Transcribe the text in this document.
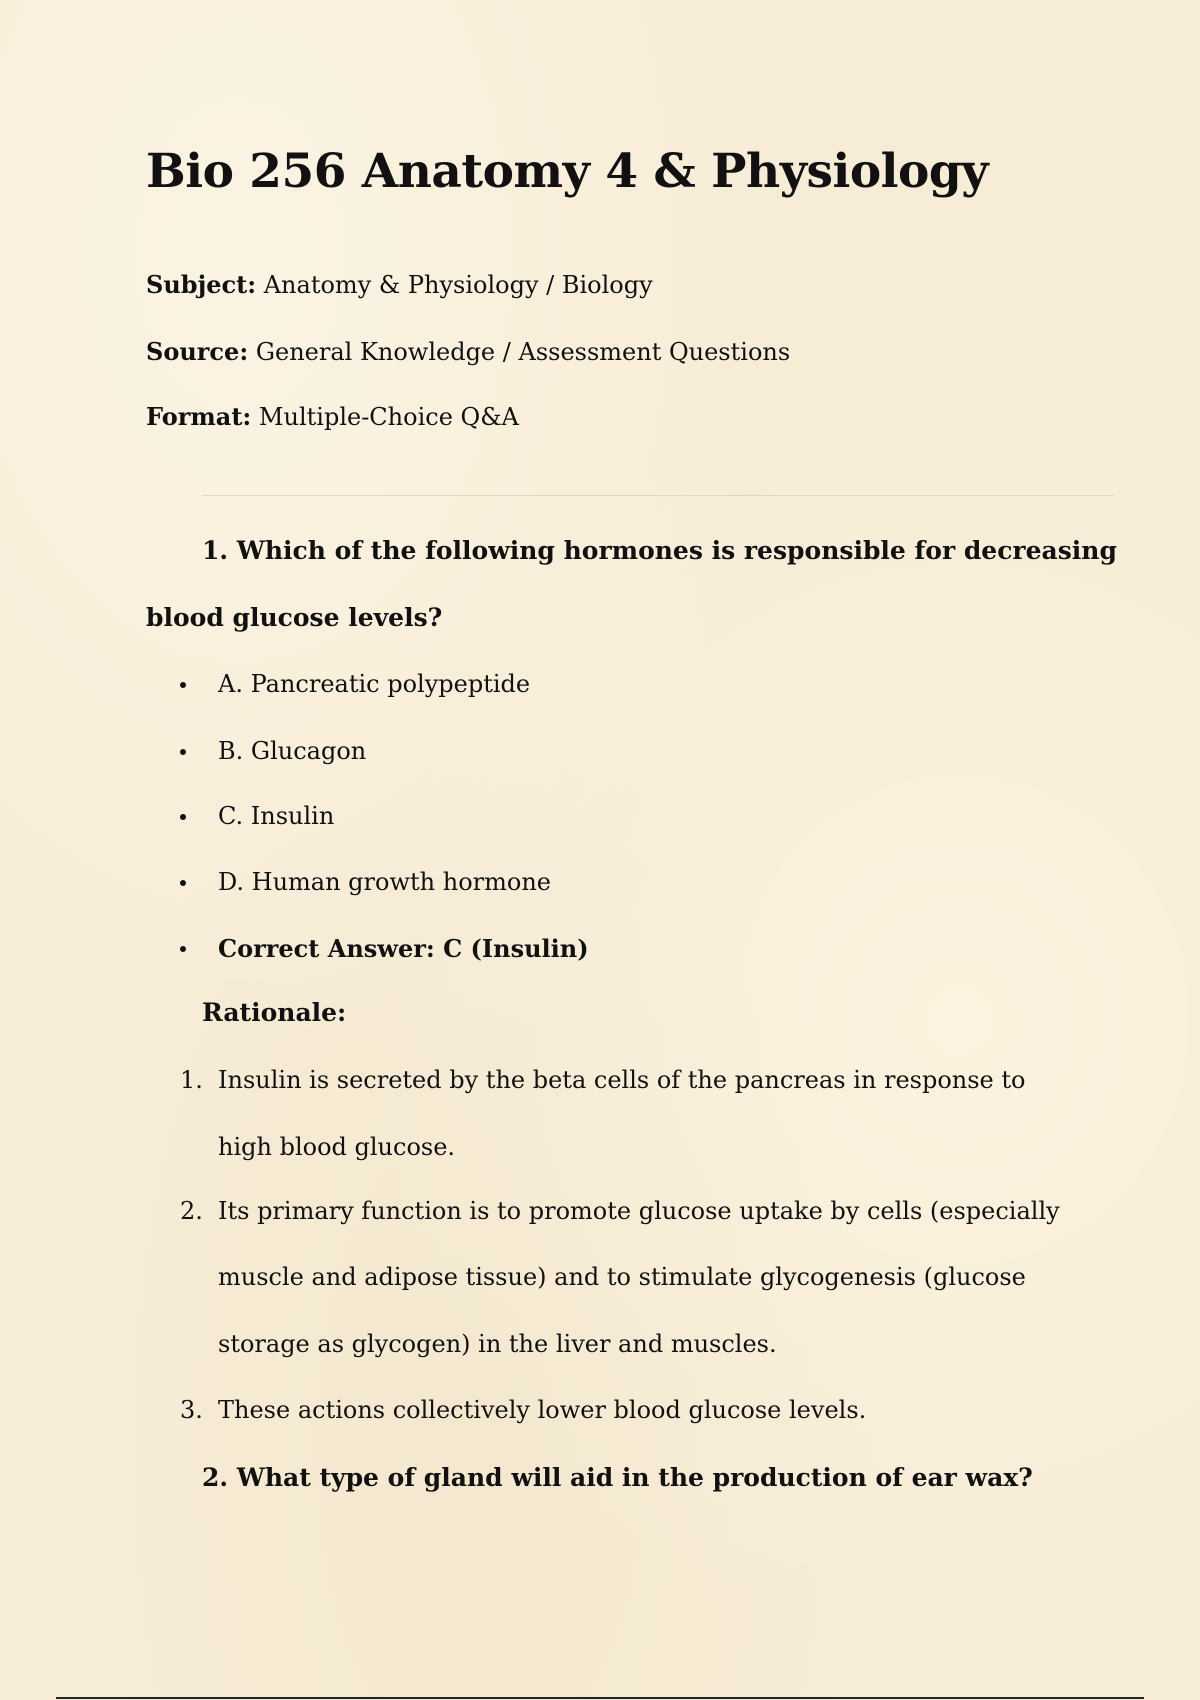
Bio 256 Anatomy 4 & Physiology
Subject: Anatomy & Physiology / Biology
Source: General Knowledge / Assessment Questions
Format: Multiple-Choice Q&A
1. Which of the following hormones is responsible for decreasing
blood glucose levels?
A. Pancreatic polypeptide
B. Glucagon
C. Insulin
D. Human growth hormone
Correct Answer: C (Insulin)
Rationale:
1. Insulin is secreted by the beta cells of the pancreas in response to
high blood glucose.
2. Its primary function is to promote glucose uptake by cells (especially
muscle and adipose tissue) and to stimulate glycogenesis (glucose
storage as glycogen) in the liver and muscles.
3. These actions collectively lower blood glucose levels.
2. What type of gland will aid in the production of ear wax?
